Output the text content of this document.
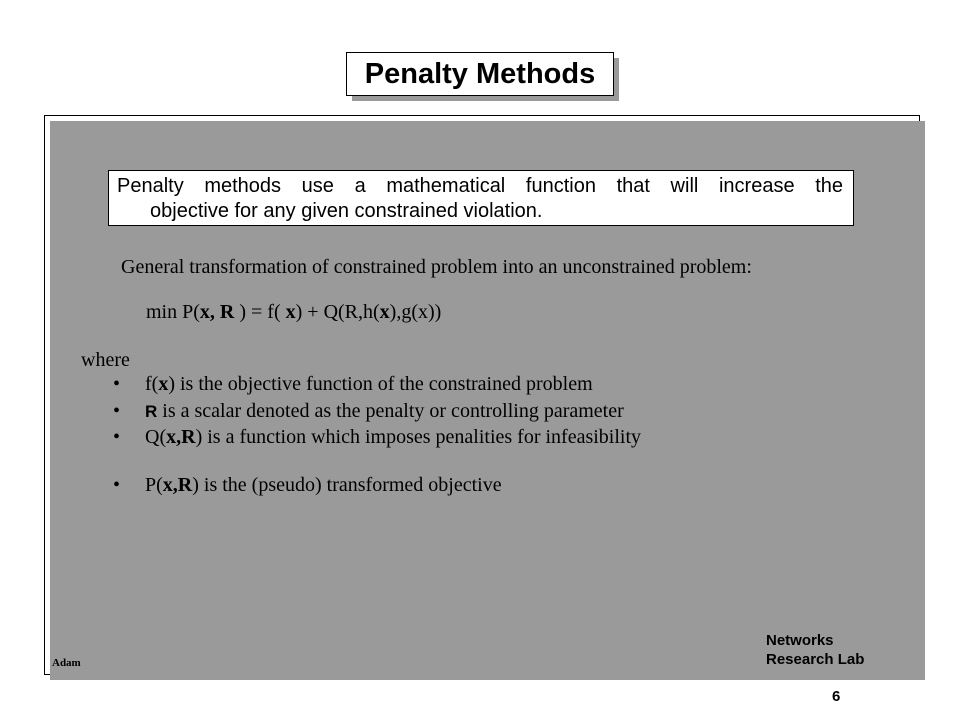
Penalty Methods
Penalty methods use a mathematical function that will increase the
objective for any given constrained violation.
General transformation of constrained problem into an unconstrained problem:
min P(x, R ) = f( x) + Q(R,h(x),g(x))
where
• f(x) is the objective function of the constrained problem
• R is a scalar denoted as the penalty or controlling parameter
• Q(x,R) is a function which imposes penalities for infeasibility
• P(x,R) is the (pseudo) transformed objective
Adam
Networks
Research Lab
6
